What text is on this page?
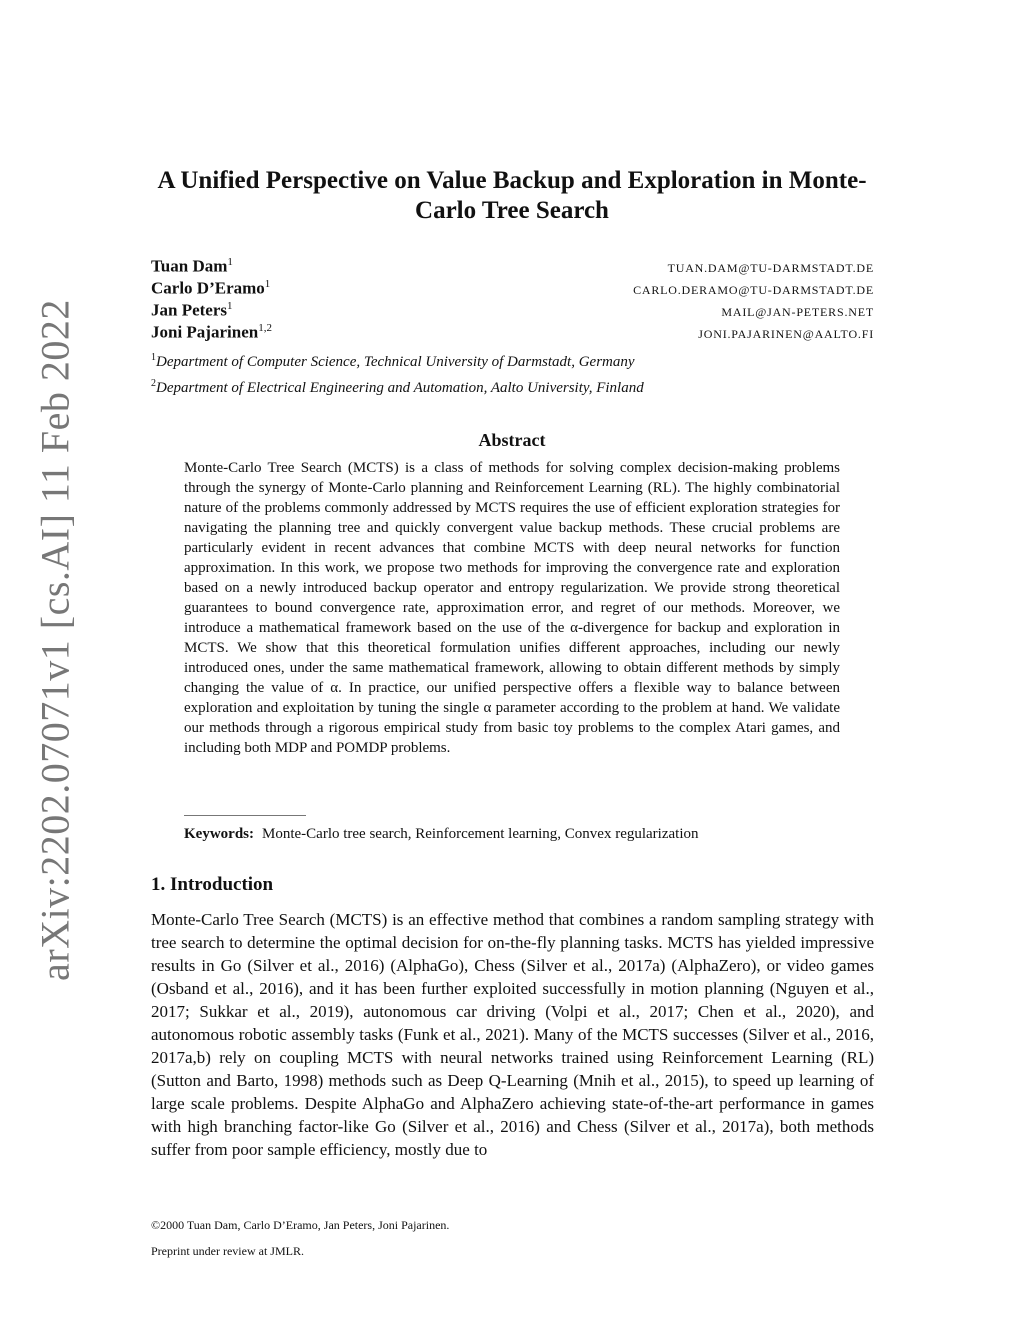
arXiv:2202.07071v1 [cs.AI] 11 Feb 2022
A Unified Perspective on Value Backup and Exploration in Monte-Carlo Tree Search
Tuan Dam$^1$	TUAN.DAM@TU-DARMSTADT.DE
Carlo D’Eramo$^1$	CARLO.DERAMO@TU-DARMSTADT.DE
Jan Peters$^1$	MAIL@JAN-PETERS.NET
Joni Pajarinen$^{1,2}$	JONI.PAJARINEN@AALTO.FI
$^1$Department of Computer Science, Technical University of Darmstadt, Germany
$^2$Department of Electrical Engineering and Automation, Aalto University, Finland
Abstract

Monte-Carlo Tree Search (MCTS) is a class of methods for solving complex decision-making problems through the synergy of Monte-Carlo planning and Reinforcement Learning (RL). The highly combinatorial nature of the problems commonly addressed by MCTS requires the use of efficient exploration strategies for navigating the planning tree and quickly convergent value backup methods. These crucial problems are particularly evident in recent advances that combine MCTS with deep neural networks for function approximation. In this work, we propose two methods for improving the convergence rate and exploration based on a newly introduced backup operator and entropy regularization. We provide strong theoretical guarantees to bound convergence rate, approximation error, and regret of our methods. Moreover, we introduce a mathematical framework based on the use of the α-divergence for backup and exploration in MCTS. We show that this theoretical formulation unifies different approaches, including our newly introduced ones, under the same mathematical framework, allowing to obtain different methods by simply changing the value of α. In practice, our unified perspective offers a flexible way to balance between exploration and exploitation by tuning the single α parameter according to the problem at hand. We validate our methods through a rigorous empirical study from basic toy problems to the complex Atari games, and including both MDP and POMDP problems.

Keywords: Monte-Carlo tree search, Reinforcement learning, Convex regularization

1. Introduction

Monte-Carlo Tree Search (MCTS) is an effective method that combines a random sampling strategy with tree search to determine the optimal decision for on-the-fly planning tasks. MCTS has yielded impressive results in Go (Silver et al., 2016) (AlphaGo), Chess (Silver et al., 2017a) (AlphaZero), or video games (Osband et al., 2016), and it has been further exploited successfully in motion planning (Nguyen et al., 2017; Sukkar et al., 2019), autonomous car driving (Volpi et al., 2017; Chen et al., 2020), and autonomous robotic assembly tasks (Funk et al., 2021). Many of the MCTS successes (Silver et al., 2016, 2017a,b) rely on coupling MCTS with neural networks trained using Reinforcement Learning (RL) (Sutton and Barto, 1998) methods such as Deep Q-Learning (Mnih et al., 2015), to speed up learning of large scale problems. Despite AlphaGo and AlphaZero achieving state-of-the-art performance in games with high branching factor-like Go (Silver et al., 2016) and Chess (Silver et al., 2017a), both methods suffer from poor sample efficiency, mostly due to

©2000 Tuan Dam, Carlo D’Eramo, Jan Peters, Joni Pajarinen.

Preprint under review at JMLR.
